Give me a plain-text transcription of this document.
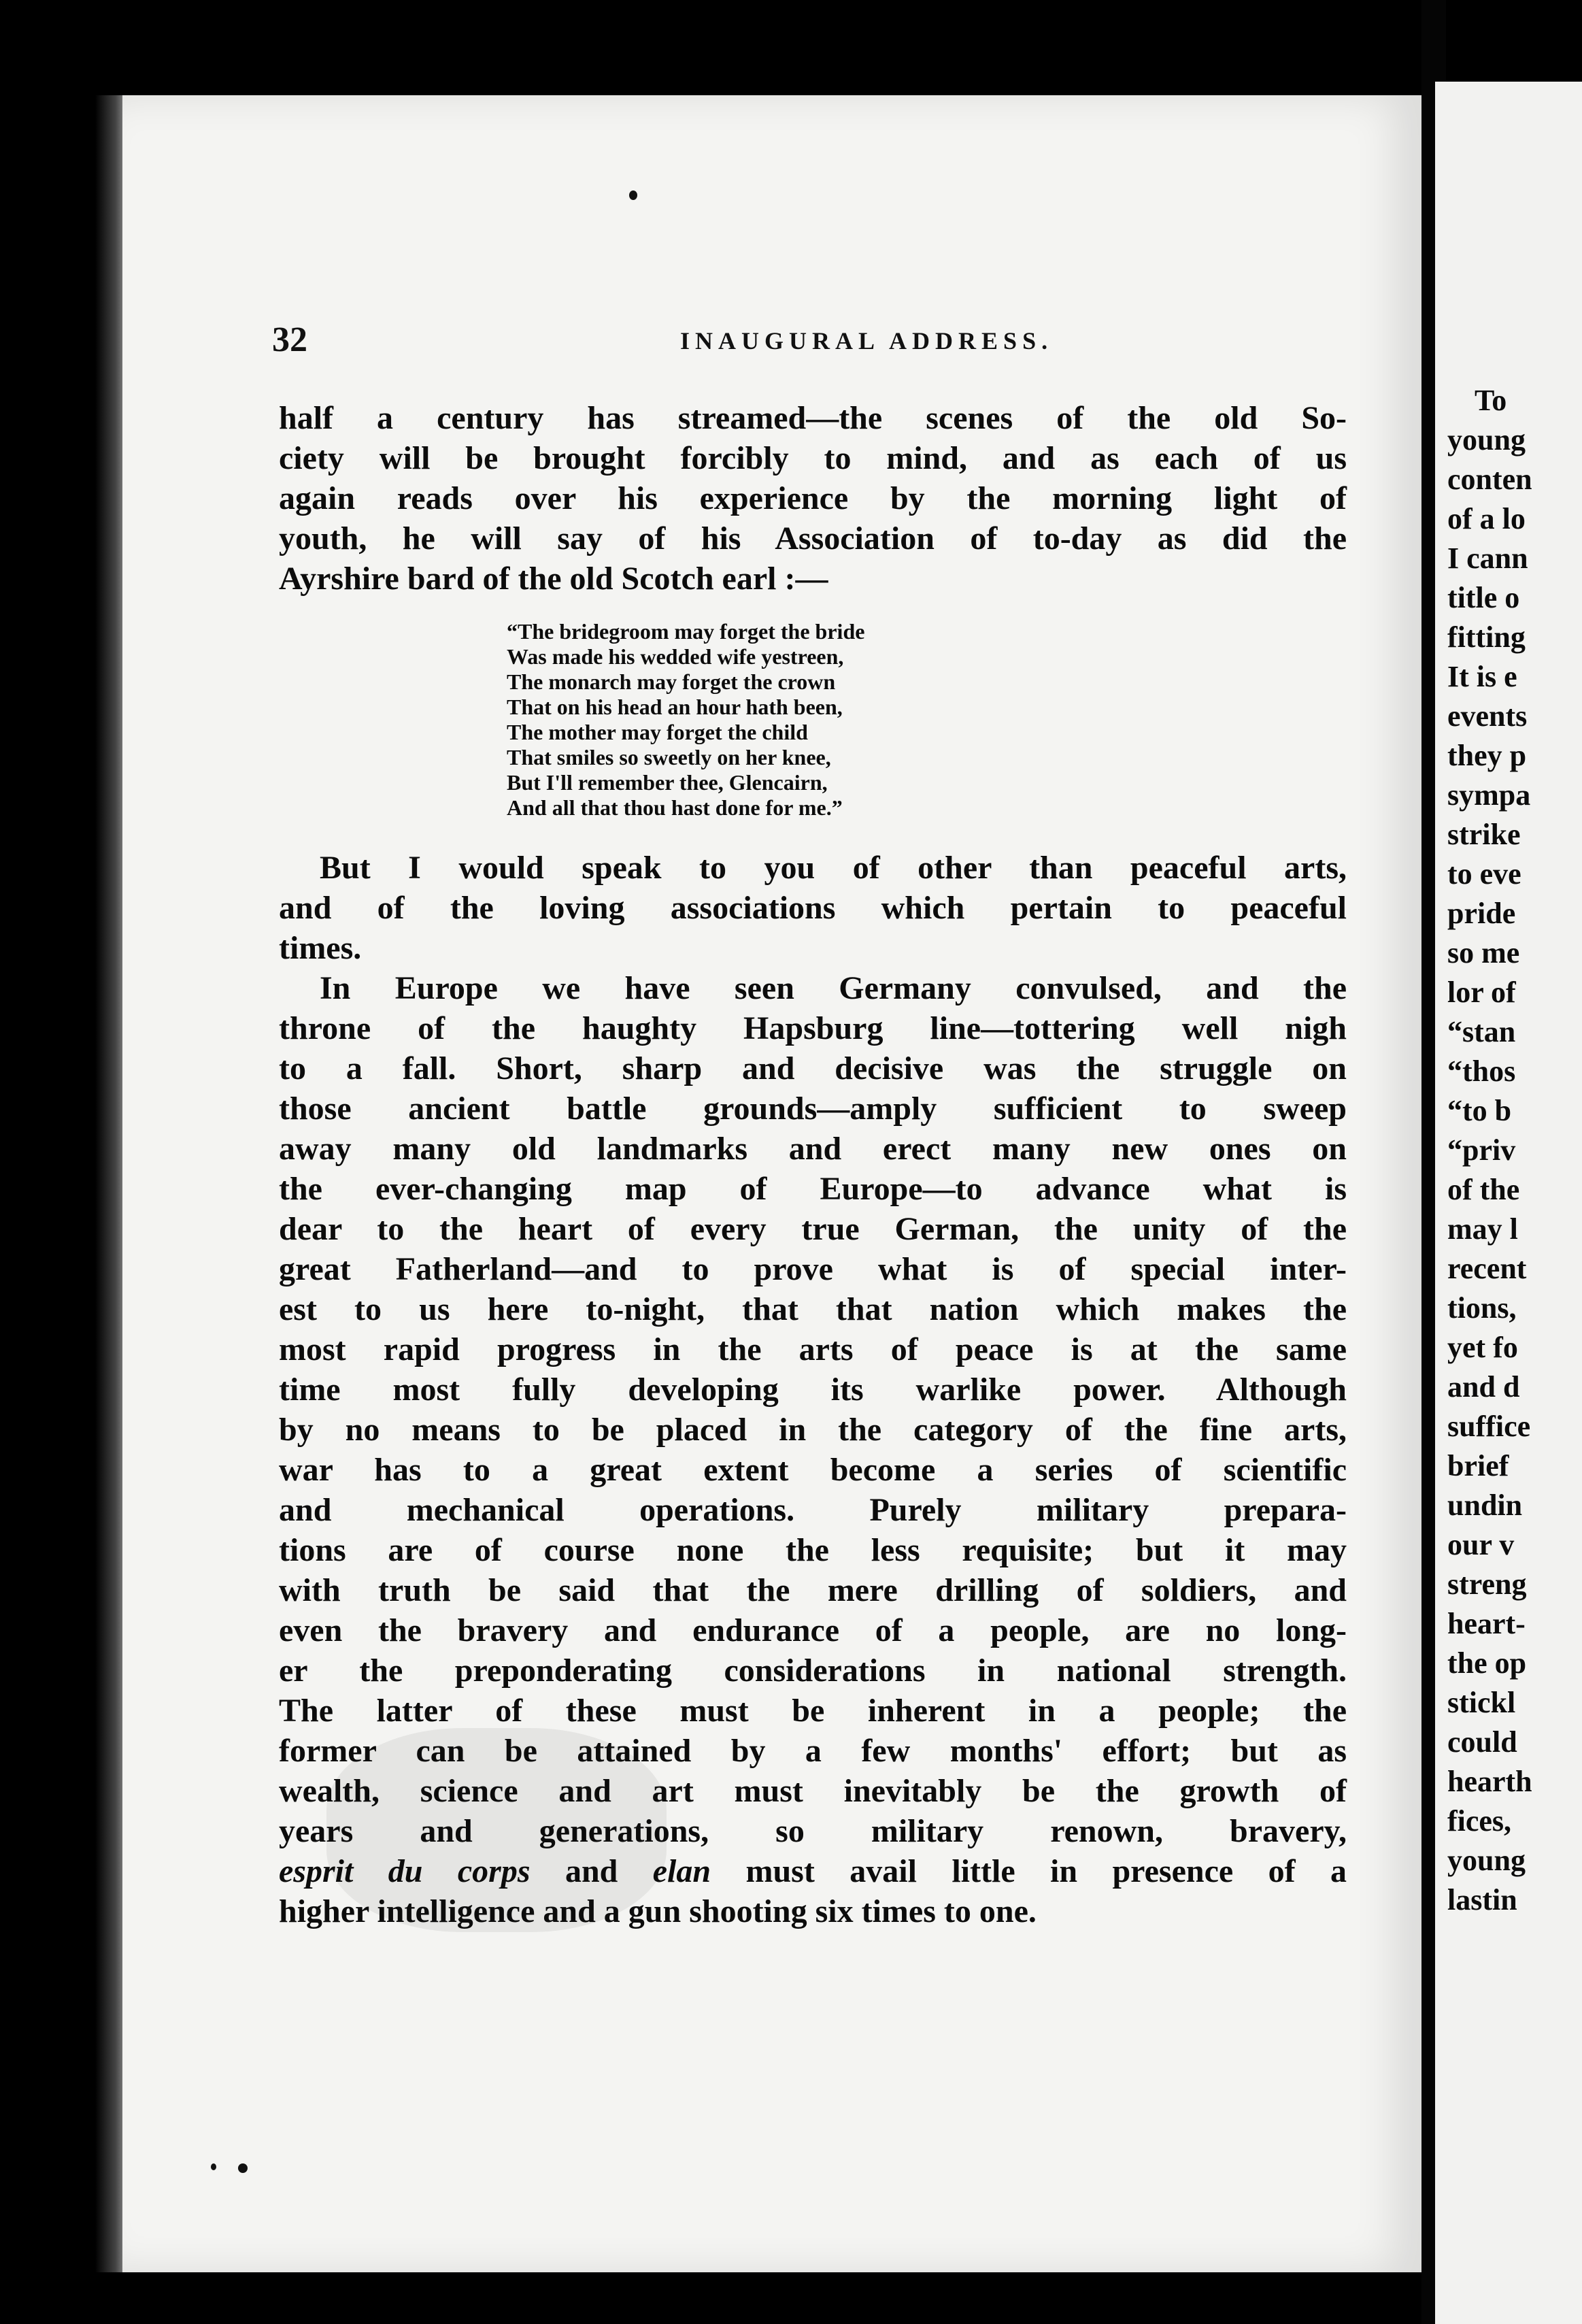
32	INAUGURAL ADDRESS.
half a century has streamed—the scenes of the old So-
ciety will be brought forcibly to mind, and as each of us
again reads over his experience by the morning light of
youth, he will say of his Association of to-day as did the
Ayrshire bard of the old Scotch earl :—
“The bridegroom may forget the bride
Was made his wedded wife yestreen,
The monarch may forget the crown
That on his head an hour hath been,
The mother may forget the child
That smiles so sweetly on her knee,
But I'll remember thee, Glencairn,
And all that thou hast done for me.”
But I would speak to you of other than peaceful arts,
and of the loving associations which pertain to peaceful
times.
In Europe we have seen Germany convulsed, and the
throne of the haughty Hapsburg line—tottering well nigh
to a fall. Short, sharp and decisive was the struggle on
those ancient battle grounds—amply sufficient to sweep
away many old landmarks and erect many new ones on
the ever-changing map of Europe—to advance what is
dear to the heart of every true German, the unity of the
great Fatherland—and to prove what is of special inter-
est to us here to-night, that that nation which makes the
most rapid progress in the arts of peace is at the same
time most fully developing its warlike power. Although
by no means to be placed in the category of the fine arts,
war has to a great extent become a series of scientific
and mechanical operations. Purely military prepara-
tions are of course none the less requisite; but it may
with truth be said that the mere drilling of soldiers, and
even the bravery and endurance of a people, are no long-
er the preponderating considerations in national strength.
The latter of these must be inherent in a people; the
former can be attained by a few months' effort; but as
wealth, science and art must inevitably be the growth of
years and generations, so military renown, bravery,
esprit du corps and elan must avail little in presence of a
higher intelligence and a gun shooting six times to one.
To
young
conten
of a lo
I cann
title o
fitting
It is e
events
they p
sympa
strike
to eve
pride
so me
lor of
“stan
“thos
“to b
“priv
of the
may l
recent
tions,
yet fo
and d
suffice
brief
undin
our v
streng
heart-
the op
stickl
could
hearth
fices,
young
lastin
